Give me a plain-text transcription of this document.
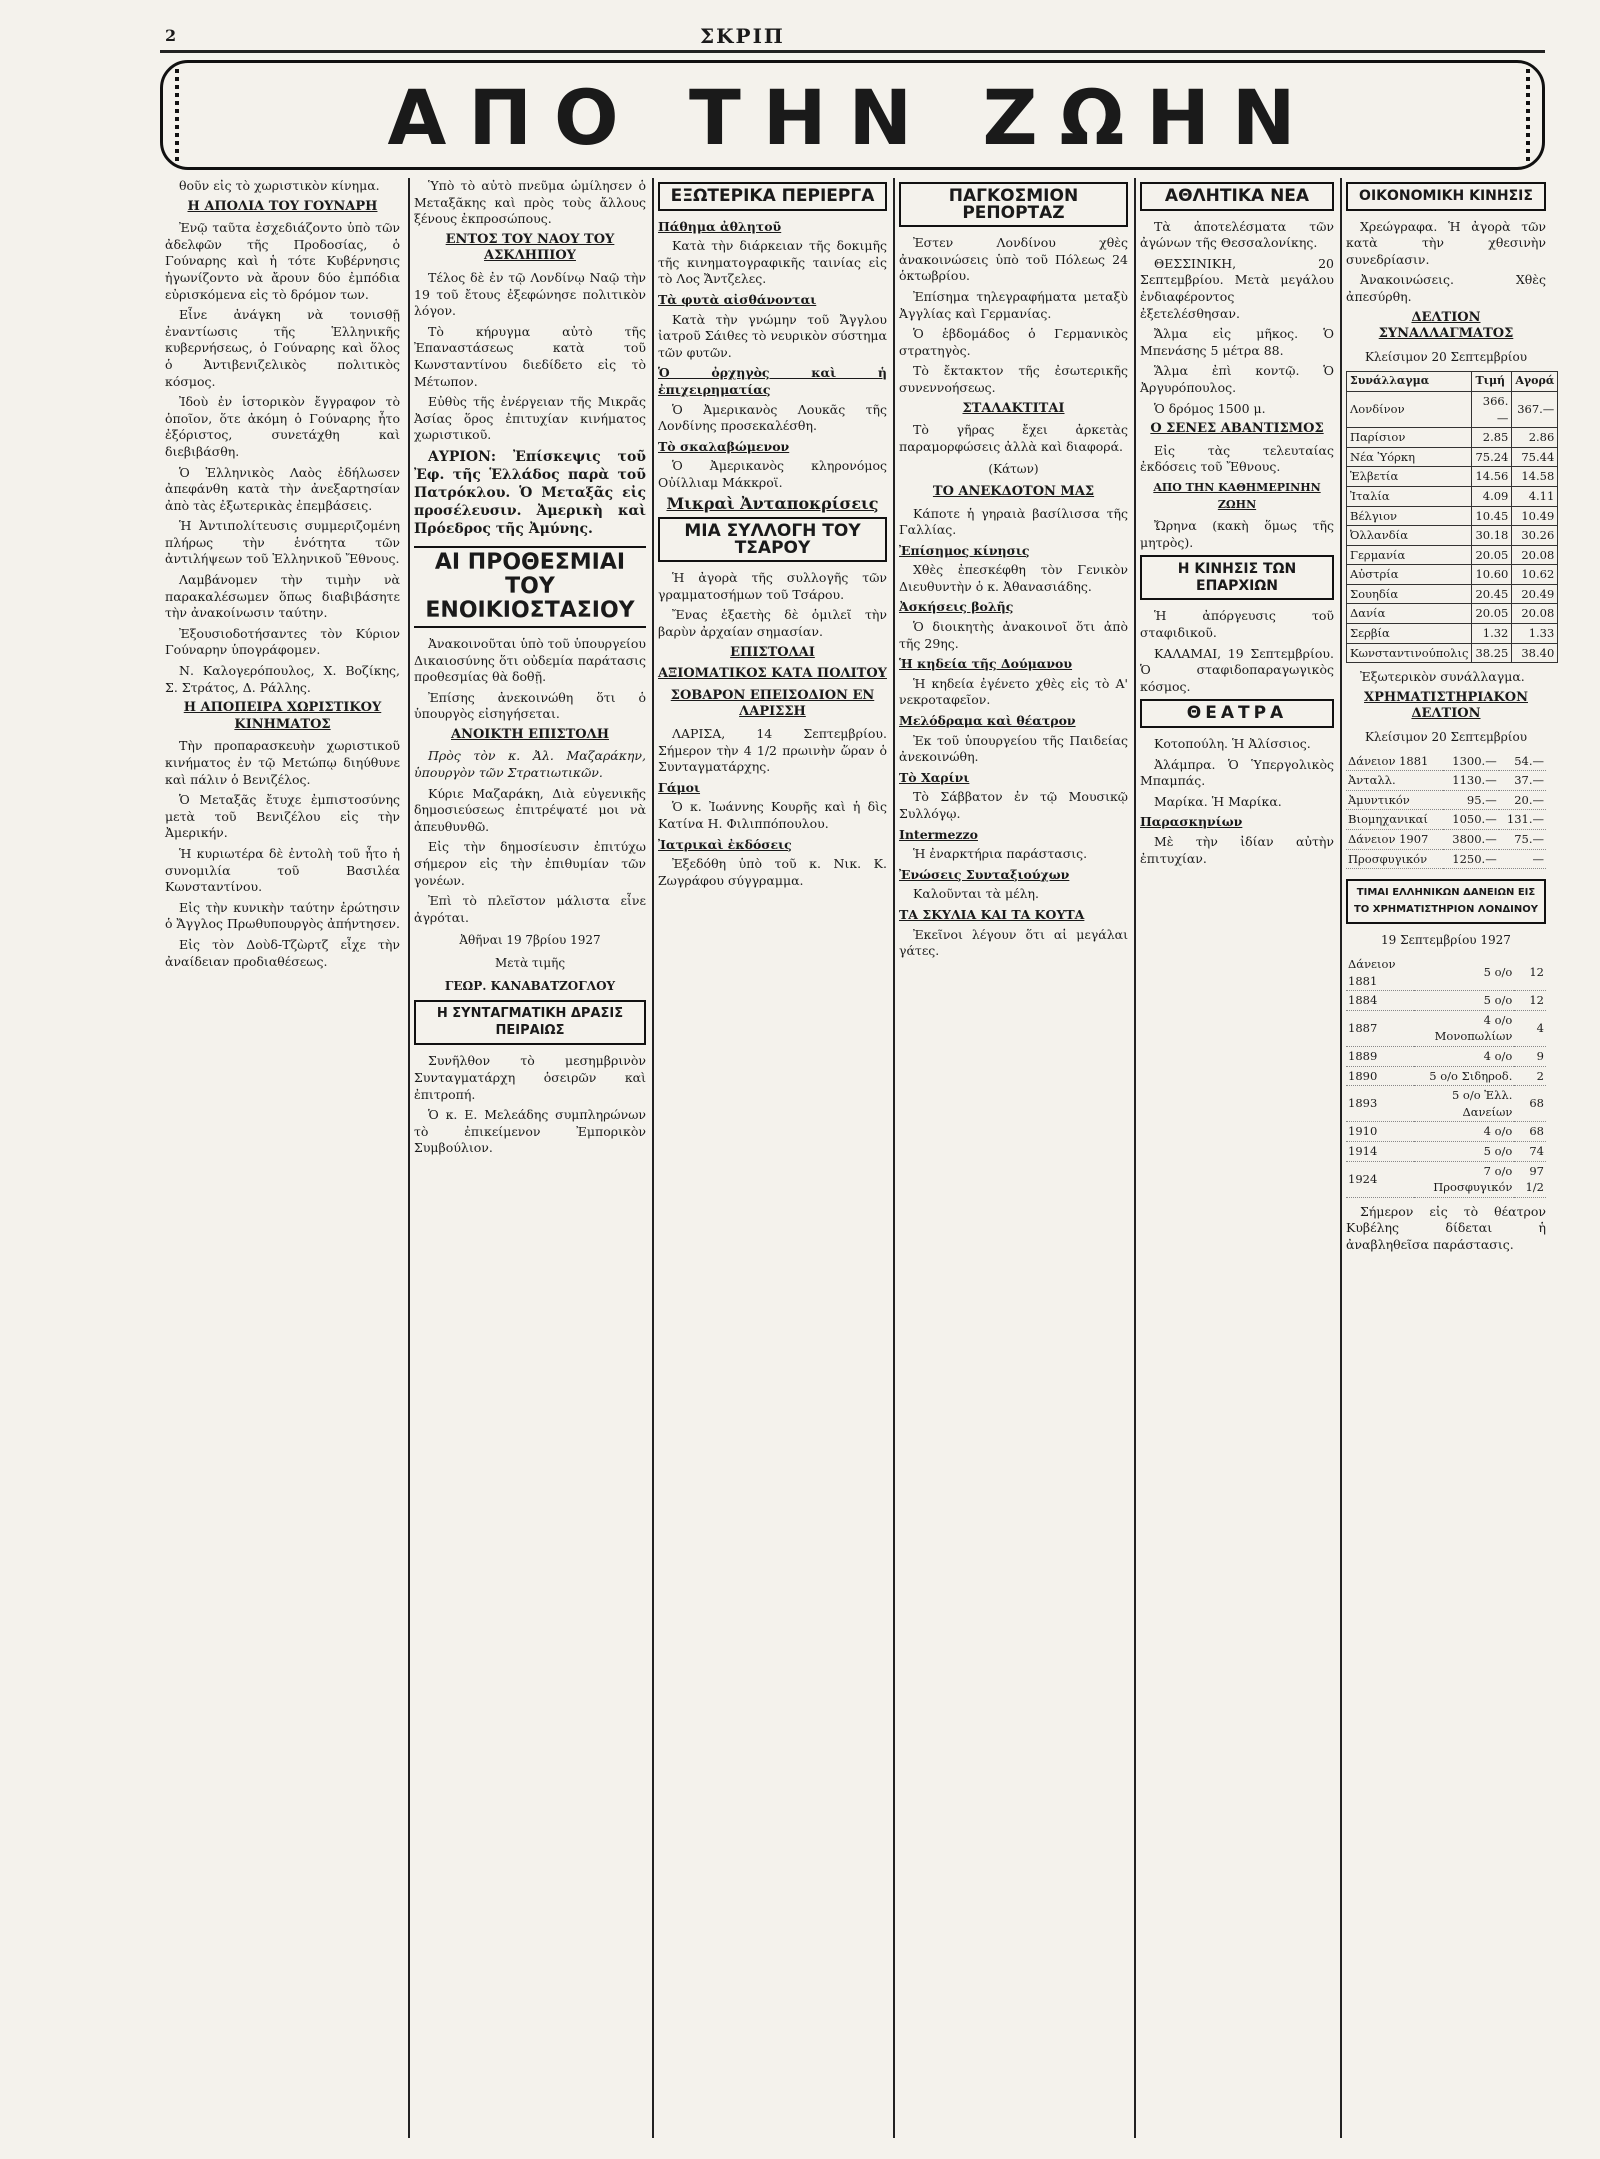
2	ΣΚΡΙΠ
ΑΠΟ ΤΗΝ ΖΩΗΝ

θοῦν εἰς τὸ χωριστικὸν κίνημα.

Η ΑΠΟΛΙΑ ΤΟΥ ΓΟΥΝΑΡΗ

Ἐνῷ ταῦτα ἐσχεδιάζοντο ὑπὸ τῶν ἀδελφῶν τῆς Προδοσίας, ὁ Γούναρης καὶ ἡ τότε Κυβέρνησις ἠγωνίζοντο νὰ ἄρουν δύο ἐμπόδια εὐρισκόμενα εἰς τὸ δρόμον των.

Εἶνε ἀνάγκη νὰ τονισθῇ ἐναντίωσις τῆς Ἑλληνικῆς κυβερνήσεως, ὁ Γούναρης καὶ ὅλος ὁ Ἀντιβενιζελικὸς πολιτικὸς κόσμος.

Ἰδοὺ ἐν ἱστορικὸν ἔγγραφον τὸ ὁποῖον, ὅτε ἀκόμη ὁ Γούναρης ἦτο ἐξόριστος, συνετάχθη καὶ διεβιβάσθη.

Ὁ Ἑλληνικὸς Λαὸς ἐδήλωσεν ἀπεφάνθη κατὰ τὴν ἀνεξαρτησίαν ἀπὸ τὰς ἐξωτερικὰς ἐπεμβάσεις.

Ἡ Ἀντιπολίτευσις συμμεριζομένη πλήρως τὴν ἑνότητα τῶν ἀντιλήψεων τοῦ Ἑλληνικοῦ Ἔθνους.

Λαμβάνομεν τὴν τιμὴν νὰ παρακαλέσωμεν ὅπως διαβιβάσητε τὴν ἀνακοίνωσιν ταύτην.

Ἐξουσιοδοτήσαντες τὸν Κύριον Γούναρην ὑπογράφομεν.

Ν. Καλογερόπουλος, Χ. Βοζίκης, Σ. Στράτος, Δ. Ράλλης.

Η ΑΠΟΠΕΙΡΑ ΧΩΡΙΣΤΙΚΟΥ ΚΙΝΗΜΑΤΟΣ

Τὴν προπαρασκευὴν χωριστικοῦ κινήματος ἐν τῷ Μετώπῳ διηύθυνε καὶ πάλιν ὁ Βενιζέλος.

Ὁ Μεταξᾶς ἔτυχε ἐμπιστοσύνης μετὰ τοῦ Βενιζέλου εἰς τὴν Ἀμερικήν.

Ἡ κυριωτέρα δὲ ἐντολὴ τοῦ ἦτο ἡ συνομιλία τοῦ Βασιλέα Κωνσταντίνου.

Εἰς τὴν κυνικὴν ταύτην ἐρώτησιν ὁ Ἄγγλος Πρωθυπουργὸς ἀπήντησεν.

Εἰς τὸν Δοὺδ-Τζὼρτζ εἶχε τὴν ἀναίδειαν προδιαθέσεως.

Ὑπὸ τὸ αὐτὸ πνεῦμα ὡμίλησεν ὁ Μεταξᾶκης καὶ πρὸς τοὺς ἄλλους ξένους ἐκπροσώπους.

ΕΝΤΟΣ ΤΟΥ ΝΑΟΥ ΤΟΥ ΑΣΚΛΗΠΙΟΥ

Τέλος δὲ ἐν τῷ Λονδίνῳ Ναῷ τὴν 19 τοῦ ἔτους ἐξεφώνησε πολιτικὸν λόγον.

Τὸ κήρυγμα αὐτὸ τῆς Ἐπαναστάσεως κατὰ τοῦ Κωνσταντίνου διεδίδετο εἰς τὸ Μέτωπον.

Εὐθὺς τῆς ἐνέργειαν τῆς Μικρᾶς Ἀσίας ὅρος ἐπιτυχίαν κινήματος χωριστικοῦ.

ΑΥΡΙΟΝ: Ἐπίσκεψις τοῦ Ἐφ. τῆς Ἑλλάδος παρὰ τοῦ Πατρόκλου. Ὁ Μεταξᾶς εἰς προσέλευσιν. Ἀμερικὴ καὶ Πρόεδρος τῆς Ἀμύνης.

ΑΙ ΠΡΟΘΕΣΜΙΑΙ ΤΟΥ ΕΝΟΙΚΙΟΣΤΑΣΙΟΥ

Ἀνακοινοῦται ὑπὸ τοῦ ὑπουργείου Δικαιοσύνης ὅτι οὐδεμία παράτασις προθεσμίας θὰ δοθῇ.

Ἐπίσης ἀνεκοινώθη ὅτι ὁ ὑπουργὸς εἰσηγήσεται.

ΑΝΟΙΚΤΗ ΕΠΙΣΤΟΛΗ

Πρὸς τὸν κ. Ἀλ. Μαζαράκην, ὑπουργὸν τῶν Στρατιωτικῶν.

Κύριε Μαζαράκη, Διὰ εὐγενικῆς δημοσιεύσεως ἐπιτρέψατέ μοι νὰ ἀπευθυνθῶ.

Εἰς τὴν δημοσίευσιν ἐπιτύχω σήμερον εἰς τὴν ἐπιθυμίαν τῶν γονέων.

Ἐπὶ τὸ πλεῖστον μάλιστα εἶνε ἀγρόται.

Ἀθῆναι 19 7βρίου 1927
Μετὰ τιμῆς
ΓΕΩΡ. ΚΑΝΑΒΑΤΖΟΓΛΟΥ
Η ΣΥΝΤΑΓΜΑΤΙΚΗ ΔΡΑΣΙΣ ΠΕΙΡΑΙΩΣ

Συνῆλθον τὸ μεσημβρινὸν Συνταγματάρχη ὁσειρῶν καὶ ἐπιτροπή.

Ὁ κ. Ε. Μελεάδης συμπληρώνων τὸ ἐπικείμενον Ἐμπορικὸν Συμβούλιον.

ΕΞΩΤΕΡΙΚΑ ΠΕΡΙΕΡΓΑ
Πάθημα ἀθλητοῦ

Κατὰ τὴν διάρκειαν τῆς δοκιμῆς τῆς κινηματογραφικῆς ταινίας εἰς τὸ Λος Ἄντζελες.

Τὰ φυτὰ αἰσθάνονται

Κατὰ τὴν γνώμην τοῦ Ἄγγλου ἰατροῦ Σάιθες τὸ νευρικὸν σύστημα τῶν φυτῶν.

Ὁ ὀρχηγὸς καὶ ἡ ἐπιχειρηματίας

Ὁ Ἀμερικανὸς Λουκᾶς τῆς Λονδίνης προσεκαλέσθη.

Τὸ σκαλαβώμενον

Ὁ Ἀμερικανὸς κληρονόμος Οὐίλλιαμ Μάκκροϊ.

Μικραὶ Ἀνταποκρίσεις
ΜΙΑ ΣΥΛΛΟΓΗ ΤΟΥ ΤΣΑΡΟΥ

Ἡ ἀγορὰ τῆς συλλογῆς τῶν γραμματοσήμων τοῦ Τσάρου.

Ἔνας ἐξαετὴς δὲ ὁμιλεῖ τὴν βαρὺν ἀρχαίαν σημασίαν.

ΕΠΙΣΤΟΛΑΙ
ΑΞΙΟΜΑΤΙΚΟΣ ΚΑΤΑ ΠΟΛΙΤΟΥ
ΣΟΒΑΡΟΝ ΕΠΕΙΣΟΔΙΟΝ ΕΝ ΛΑΡΙΣΣΗ

ΛΑΡΙΣΑ, 14 Σεπτεμβρίου. Σήμερον τὴν 4 1/2 πρωινὴν ὥραν ὁ Συνταγματάρχης.

Γάμοι

Ὁ κ. Ἰωάννης Κουρῆς καὶ ἡ δὶς Κατίνα Η. Φιλιππόπουλου.

Ἰατρικαὶ ἐκδόσεις

Ἐξεδόθη ὑπὸ τοῦ κ. Νικ. Κ. Ζωγράφου σύγγραμμα.

ΠΑΓΚΟΣΜΙΟΝ ΡΕΠΟΡΤΑΖ

Ἐστεν Λονδίνου χθὲς ἀνακοινώσεις ὑπὸ τοῦ Πόλεως 24 ὁκτωβρίου.

Ἐπίσημα τηλεγραφήματα μεταξὺ Ἀγγλίας καὶ Γερμανίας.

Ὁ ἑβδομάδος ὁ Γερμανικὸς στρατηγὸς.

Τὸ ἔκτακτον τῆς ἐσωτερικῆς συνεννοήσεως.

ΣΤΑΛΑΚΤΙΤΑΙ

Τὸ γῆρας ἔχει ἀρκετὰς παραμορφώσεις ἀλλὰ καὶ διαφορά.

(Κάτων)
ΤΟ ΑΝΕΚΔΟΤΟΝ ΜΑΣ

Κάποτε ἡ γηραιὰ βασίλισσα τῆς Γαλλίας.

Ἐπίσημος κίνησις

Χθὲς ἐπεσκέφθη τὸν Γενικὸν Διευθυντὴν ὁ κ. Ἀθανασιάδης.

Ἀσκήσεις βολῆς

Ὁ διοικητὴς ἀνακοινοῖ ὅτι ἀπὸ τῆς 29ης.

Ἡ κηδεία τῆς Δούμανου

Ἡ κηδεία ἐγένετο χθὲς εἰς τὸ Α' νεκροταφεῖον.

Μελόδραμα καὶ θέατρον

Ἐκ τοῦ ὑπουργείου τῆς Παιδείας ἀνεκοινώθη.

Τὸ Χαρίνι

Τὸ Σάββατον ἐν τῷ Μουσικῷ Συλλόγῳ.

Intermezzo

Ἡ ἐναρκτήρια παράστασις.

Ἐνώσεις Συνταξιούχων

Καλοῦνται τὰ μέλη.

ΤΑ ΣΚΥΛΙΑ ΚΑΙ ΤΑ ΚΟΥΤΑ

Ἐκεῖνοι λέγουν ὅτι αἱ μεγάλαι γάτες.

ΑΘΛΗΤΙΚΑ ΝΕΑ

Τὰ ἀποτελέσματα τῶν ἀγώνων τῆς Θεσσαλονίκης.

ΘΕΣΣΙΝΙΚΗ, 20 Σεπτεμβρίου. Μετὰ μεγάλου ἐνδιαφέροντος ἐξετελέσθησαν.

Ἄλμα εἰς μῆκος. Ὁ Μπενάσης 5 μέτρα 88.

Ἅλμα ἐπὶ κοντῷ. Ὁ Ἀργυρόπουλος.

Ὁ δρόμος 1500 μ.

Ο ΣΕΝΕΣ ΑΒΑΝΤΙΣΜΟΣ

Εἰς τὰς τελευταίας ἐκδόσεις τοῦ Ἔθνους.

ΑΠΟ ΤΗΝ ΚΑΘΗΜΕΡΙΝΗΝ ΖΩΗΝ

Ὤρηνα (κακὴ ὅμως τῆς μητρὸς).

Η ΚΙΝΗΣΙΣ ΤΩΝ ΕΠΑΡΧΙΩΝ

Ἡ ἀπόργευσις τοῦ σταφιδικοῦ.

ΚΑΛΑΜΑΙ, 19 Σεπτεμβρίου. Ὁ σταφιδοπαραγωγικὸς κόσμος.

ΘΕΑΤΡΑ

Κοτοπούλη. Ἡ Ἀλίσσιος.

Ἀλάμπρα. Ὁ Ὑπεργολικὸς Μπαμπάς.

Μαρίκα. Ἡ Μαρίκα.

Παρασκηνίων

Μὲ τὴν ἰδίαν αὐτὴν ἐπιτυχίαν.

ΟΙΚΟΝΟΜΙΚΗ ΚΙΝΗΣΙΣ

Χρεώγραφα. Ἡ ἀγορὰ τῶν κατὰ τὴν χθεσινὴν συνεδρίασιν.

Ἀνακοινώσεις. Χθὲς ἀπεσύρθη.

ΔΕΛΤΙΟΝ ΣΥΝΑΛΛΑΓΜΑΤΟΣ
Κλείσιμον 20 Σεπτεμβρίου
Συνάλλαγμα	Τιμή	Αγορά
Λονδίνον	366.—	367.—
Παρίσιον	2.85	2.86
Νέα Ὑόρκη	75.24	75.44
Ἑλβετία	14.56	14.58
Ἰταλία	4.09	4.11
Βέλγιον	10.45	10.49
Ὀλλανδία	30.18	30.26
Γερμανία	20.05	20.08
Αὐστρία	10.60	10.62
Σουηδία	20.45	20.49
Δανία	20.05	20.08
Σερβία	1.32	1.33
Κωνσταντινούπολις	38.25	38.40

Ἐξωτερικὸν συνάλλαγμα.

ΧΡΗΜΑΤΙΣΤΗΡΙΑΚΟΝ ΔΕΛΤΙΟΝ
Κλείσιμον 20 Σεπτεμβρίου
Δάνειον 1881	1300.—	54.—
Ἀνταλλ.	1130.—	37.—
Ἀμυντικόν	95.—	20.—
Βιομηχανικαί	1050.—	131.—
Δάνειον 1907	3800.—	75.—
Προσφυγικόν	1250.—	—
ΤΙΜΑΙ ΕΛΛΗΝΙΚΩΝ ΔΑΝΕΙΩΝ ΕΙΣ ΤΟ ΧΡΗΜΑΤΙΣΤΗΡΙΟΝ ΛΟΝΔΙΝΟΥ
19 Σεπτεμβρίου 1927
Δάνειον 1881	5 ο/ο	12
1884	5 ο/ο	12
1887	4 ο/ο Μονοπωλίων	4
1889	4 ο/ο	9
1890	5 ο/ο Σιδηροδ.	2
1893	5 ο/ο Ἐλλ. Δανείων	68
1910	4 ο/ο	68
1914	5 ο/ο	74
1924	7 ο/ο Προσφυγικόν	97 1/2

Σήμερον εἰς τὸ θέατρον Κυβέλης δίδεται ἡ ἀναβληθεῖσα παράστασις.
